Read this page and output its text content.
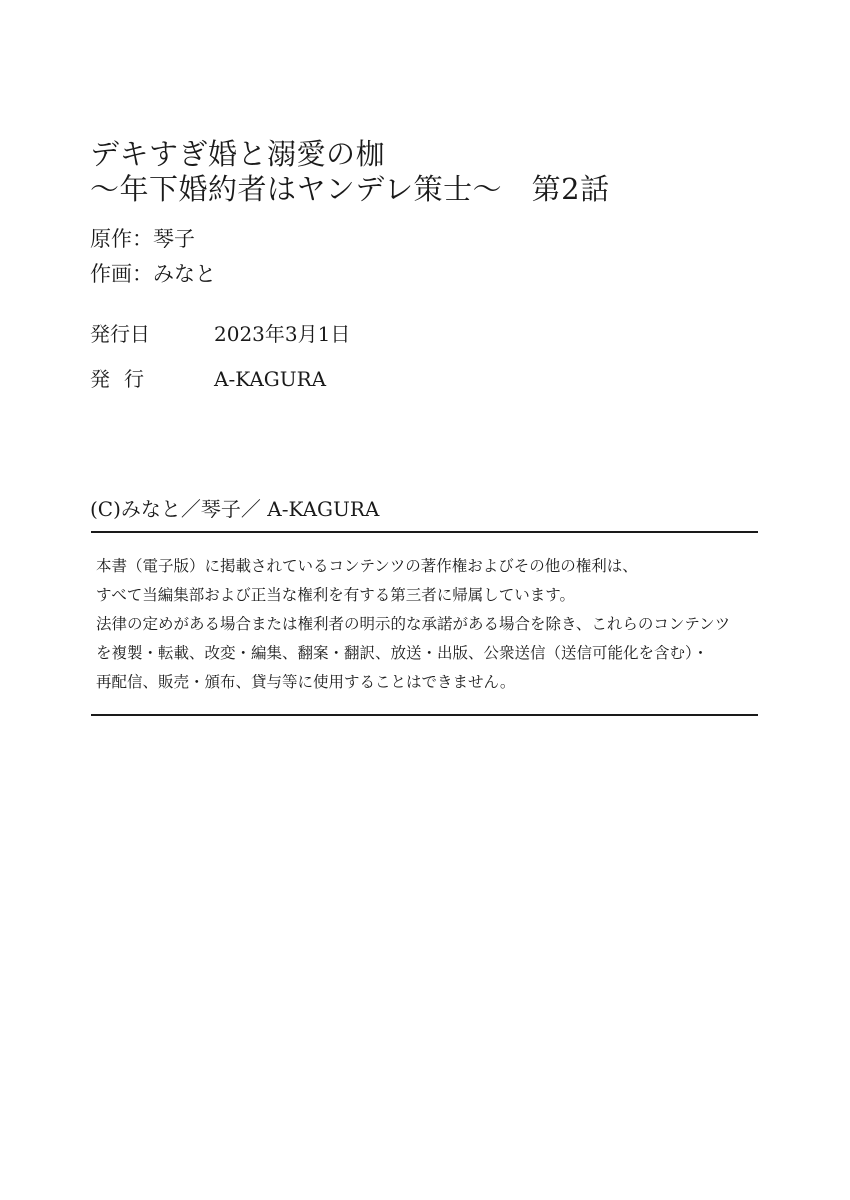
デキすぎ婚と溺愛の枷
～年下婚約者はヤンデレ策士～　第2話
原作：琴子
作画：みなと
発行日	2023年3月1日
発行	A-KAGURA
(C)みなと／琴子／ A-KAGURA
本書（電子版）に掲載されているコンテンツの著作権およびその他の権利は、
すべて当編集部および正当な権利を有する第三者に帰属しています。
法律の定めがある場合または権利者の明示的な承諾がある場合を除き、これらのコンテンツ
を複製・転載、改変・編集、翻案・翻訳、放送・出版、公衆送信（送信可能化を含む）・
再配信、販売・頒布、貸与等に使用することはできません。
